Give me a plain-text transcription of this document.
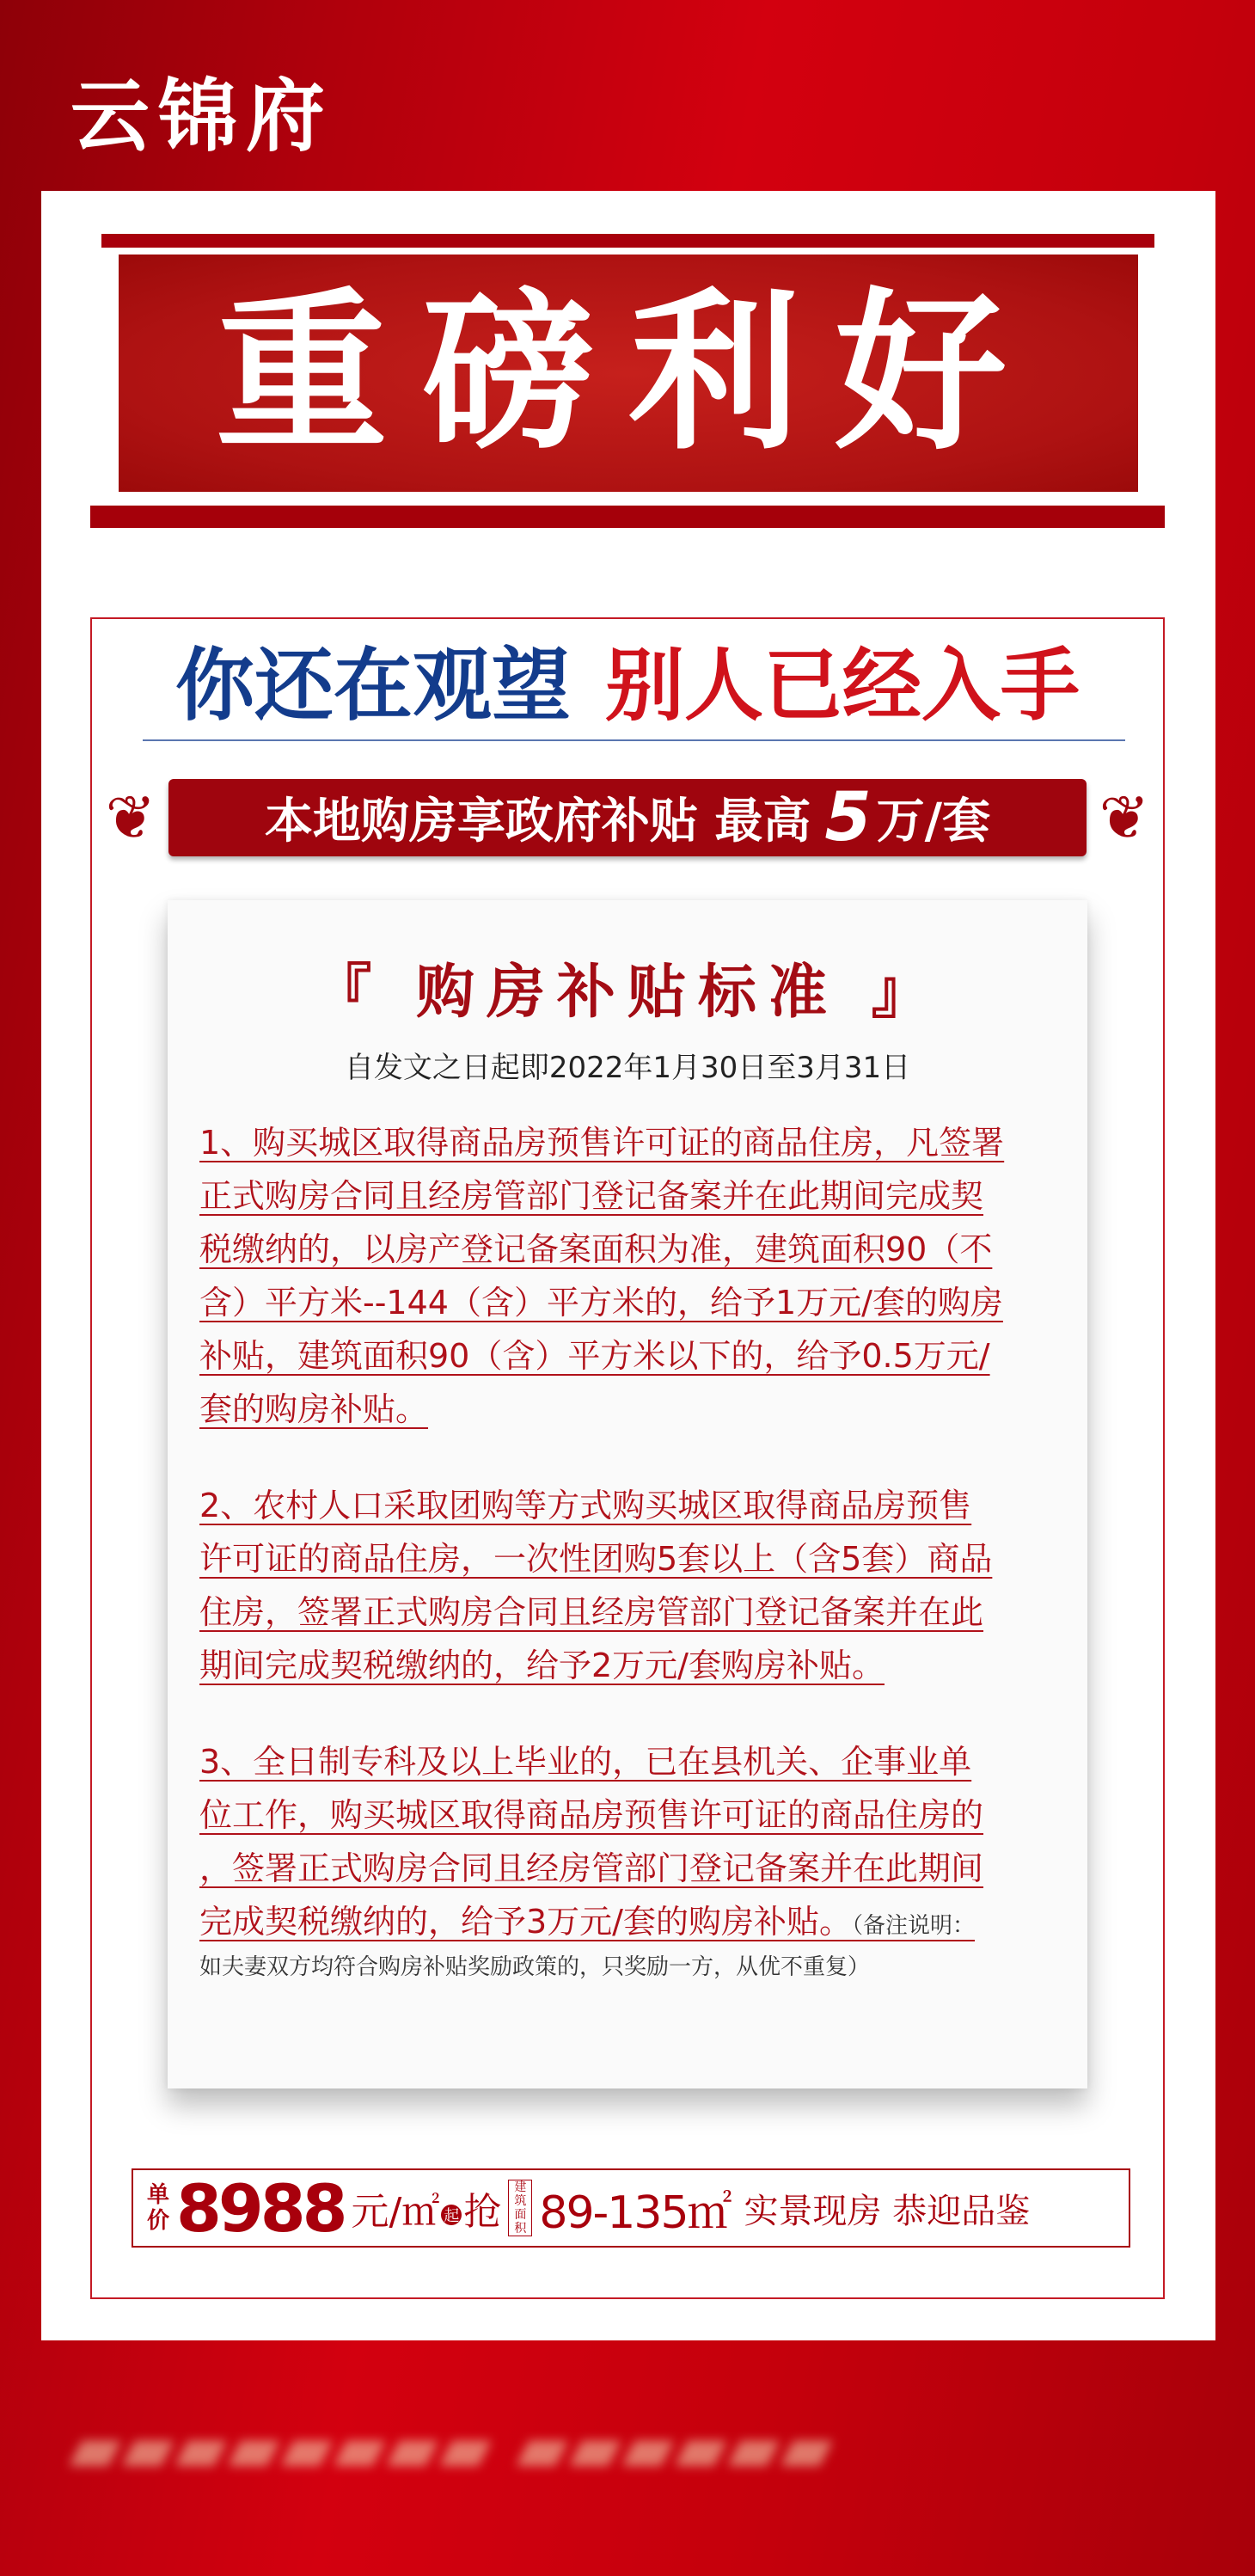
云锦府
重磅利好
你还在观望 别人已经入手
本地购房享政府补贴 最高 5 万/套
❦	❦
『 购房补贴标准 』
自发文之日起即2022年1月30日至3月31日
1、购买城区取得商品房预售许可证的商品住房，凡签署
正式购房合同且经房管部门登记备案并在此期间完成契
税缴纳的，以房产登记备案面积为准，建筑面积90（不
含）平方米--144（含）平方米的，给予1万元/套的购房
补贴，建筑面积90（含）平方米以下的，给予0.5万元/
套的购房补贴。
2、农村人口采取团购等方式购买城区取得商品房预售
许可证的商品住房，一次性团购5套以上（含5套）商品
住房，签署正式购房合同且经房管部门登记备案并在此
期间完成契税缴纳的，给予2万元/套购房补贴。
3、全日制专科及以上毕业的，已在县机关、企事业单
位工作，购买城区取得商品房预售许可证的商品住房的
，签署正式购房合同且经房管部门登记备案并在此期间
完成契税缴纳的，给予3万元/套的购房补贴。（备注说明：
如夫妻双方均符合购房补贴奖励政策的，只奖励一方，从优不重复）
单价 8988 元/㎡ 起 抢
建筑面积 89-135㎡ 实景现房 恭迎品鉴
▰▰▰▰▰▰▰▰ ▰▰▰▰▰▰
